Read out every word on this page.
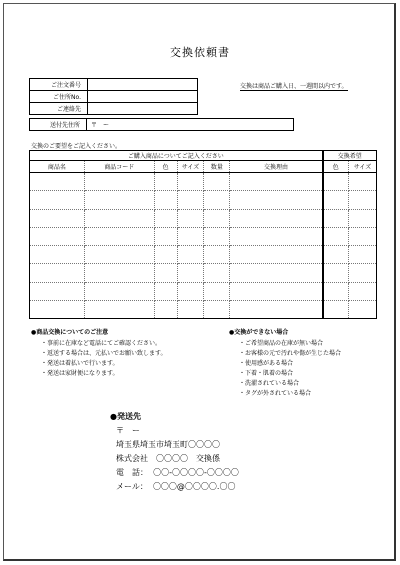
交換依頼書
ご注文番号	
ご住所No.	
ご連絡先	
送付先住所	〒　ー
交換は商品ご購入日、一週間以内です。
交換のご要望をご記入ください。
ご購入商品についてご記入ください						交換希望	
商品名	商品コード	色	サイズ	数量	交換理由	色	サイズ

●商品交換についてのご注意
・事前に在庫など電話にてご確認ください。
・返送する場合は、元払いでお願い致します。
・発送は着払いで行います。
・発送は家財便になります。
●交換ができない場合
・ご希望商品の在庫が無い場合
・お客様の元で汚れや傷が生じた場合
・使用感がある場合
・下着・肌着の場合
・洗濯されている場合
・タグが外されている場合
●発送先
〒　ー
埼玉県埼玉市埼玉町〇〇〇〇
株式会社　〇〇〇〇　交換係
電　話： 〇〇-〇〇〇〇-〇〇〇〇
メール： 〇〇〇@〇〇〇〇.〇〇
